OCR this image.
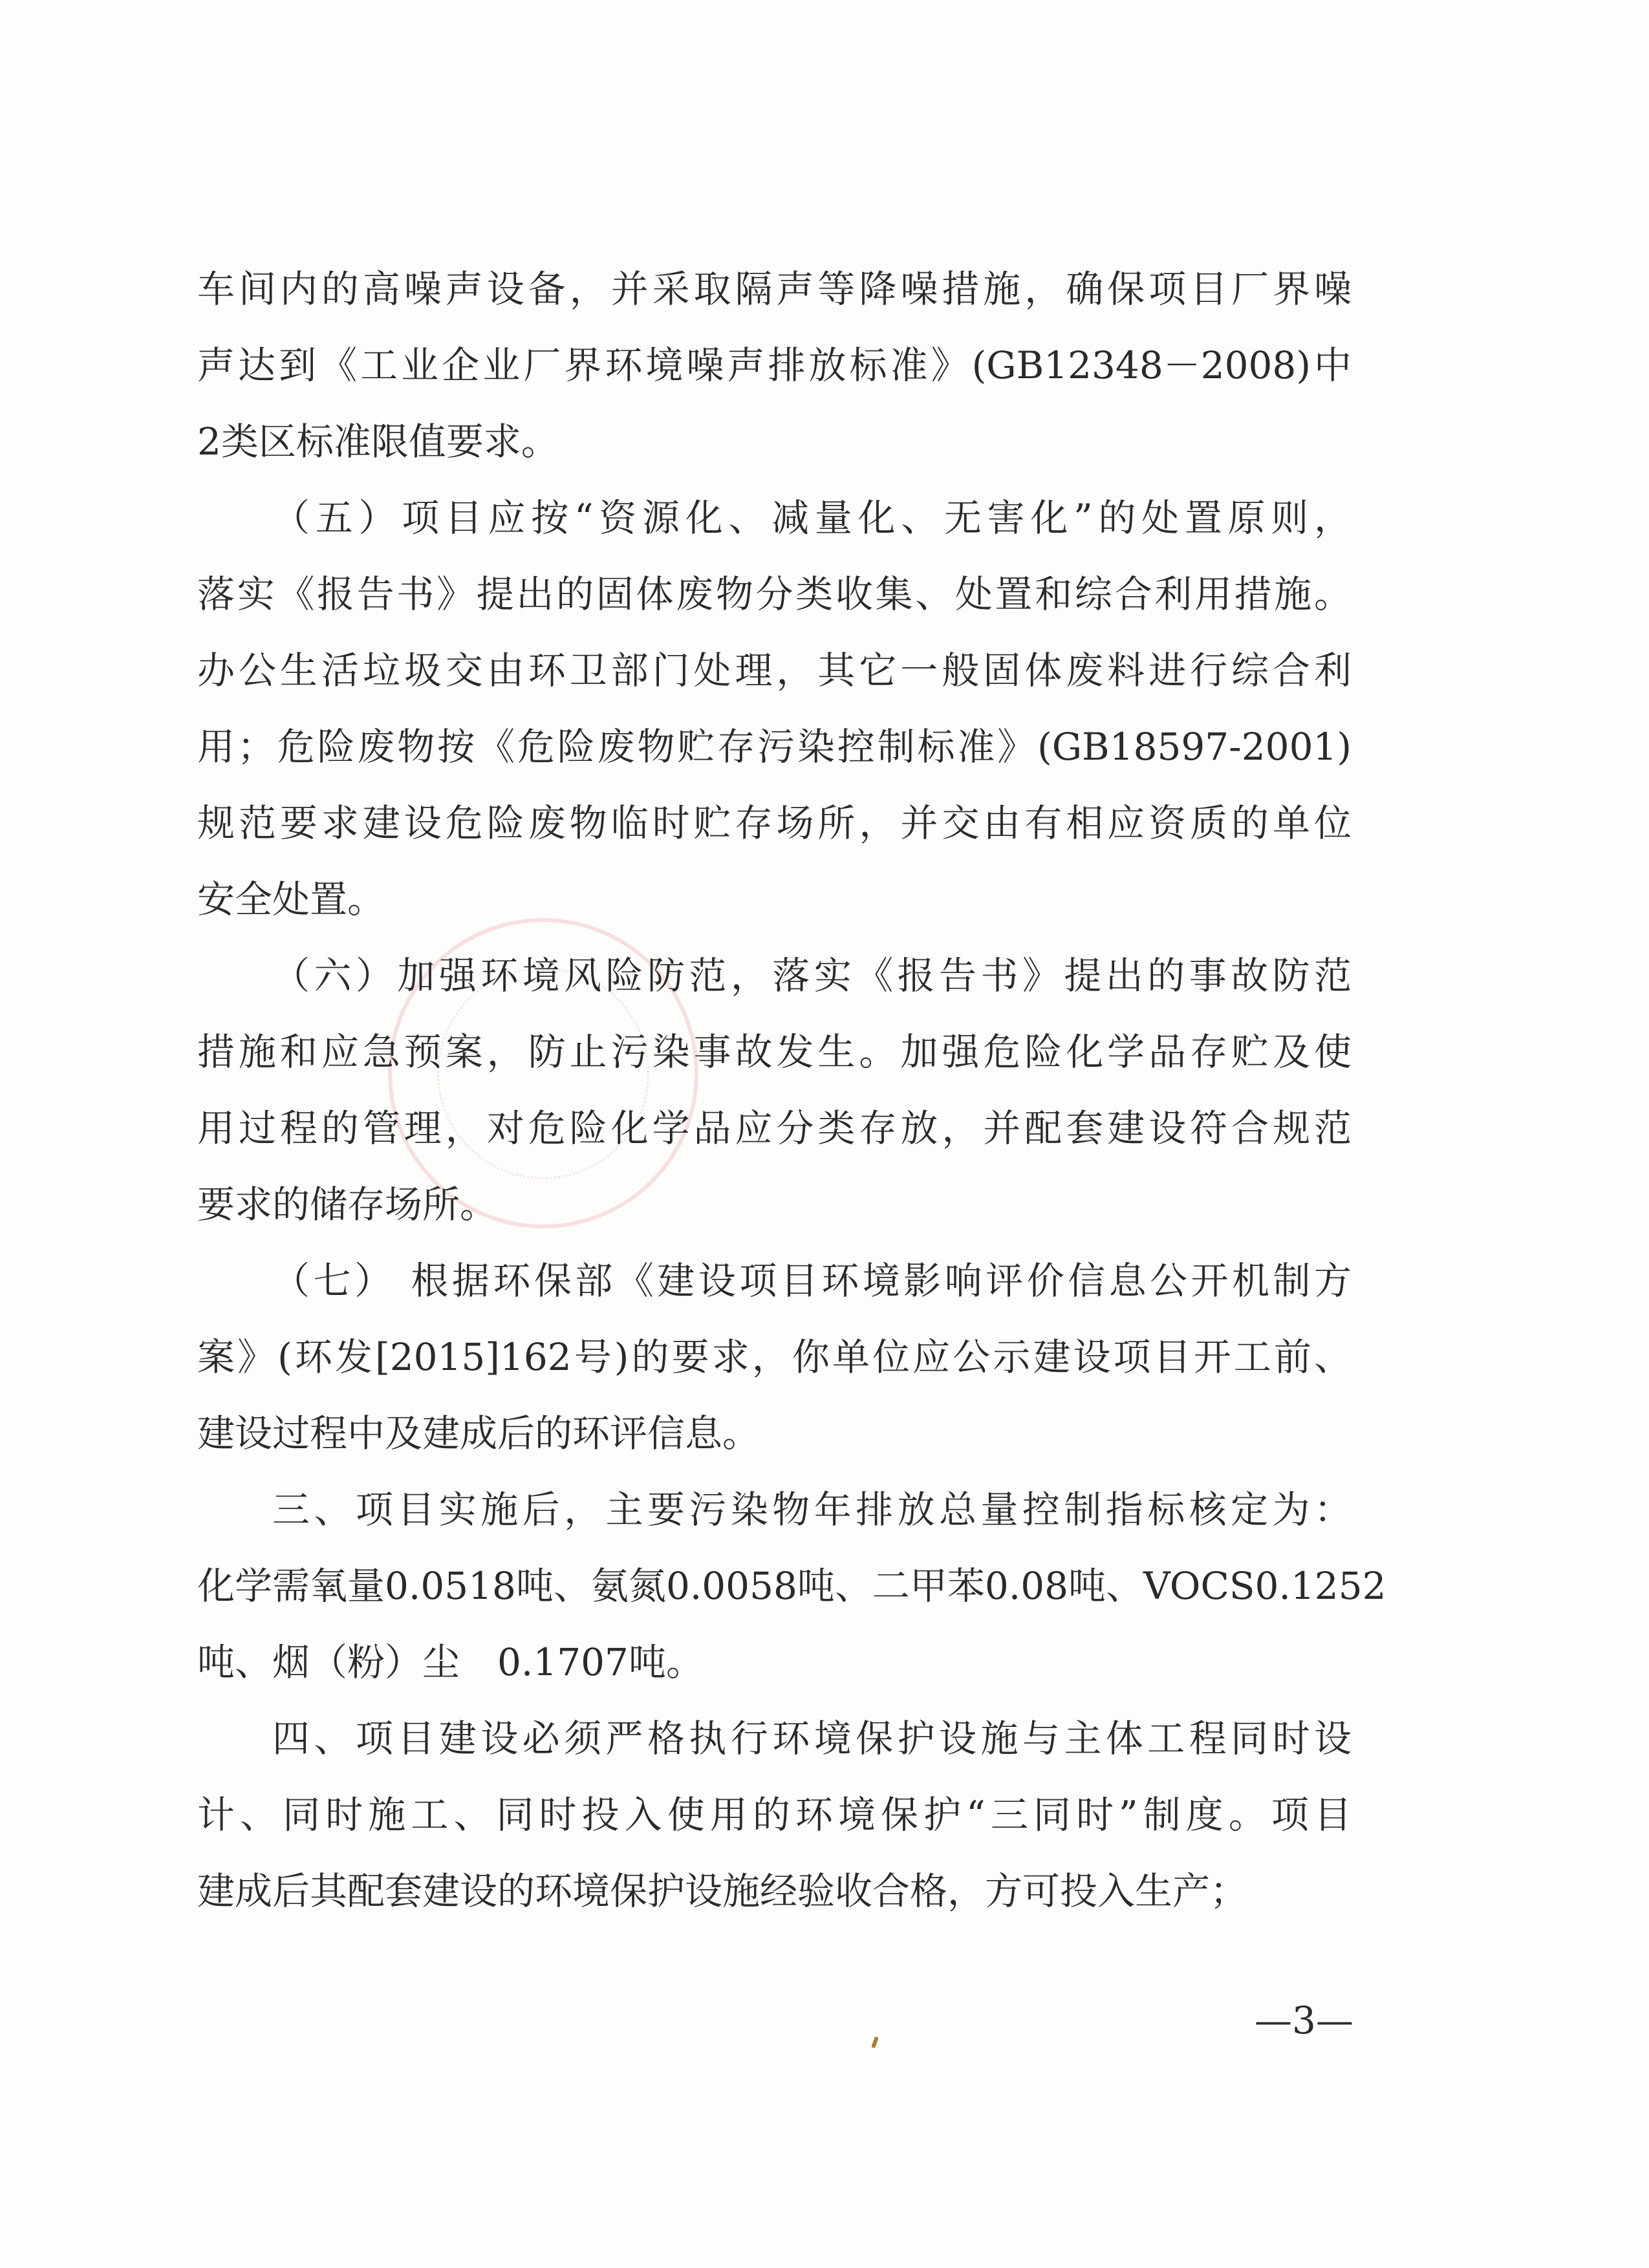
车间内的高噪声设备，并采取隔声等降噪措施，确保项目厂界噪
声达到《工业企业厂界环境噪声排放标准》(GB12348－2008)中
2类区标准限值要求。
（五）项目应按“资源化、减量化、无害化”的处置原则，
落实《报告书》提出的固体废物分类收集、处置和综合利用措施。
办公生活垃圾交由环卫部门处理，其它一般固体废料进行综合利
用；危险废物按《危险废物贮存污染控制标准》(GB18597-2001)
规范要求建设危险废物临时贮存场所，并交由有相应资质的单位
安全处置。
（六）加强环境风险防范，落实《报告书》提出的事故防范
措施和应急预案，防止污染事故发生。加强危险化学品存贮及使
用过程的管理，对危险化学品应分类存放，并配套建设符合规范
要求的储存场所。
（七） 根据环保部《建设项目环境影响评价信息公开机制方
案》(环发[2015]162号)的要求，你单位应公示建设项目开工前、
建设过程中及建成后的环评信息。
三、项目实施后，主要污染物年排放总量控制指标核定为：
化学需氧量0.0518吨、氨氮0.0058吨、二甲苯0.08吨、VOCS0.1252
吨、烟（粉）尘　0.1707吨。
四、项目建设必须严格执行环境保护设施与主体工程同时设
计、同时施工、同时投入使用的环境保护“三同时”制度。项目
建成后其配套建设的环境保护设施经验收合格，方可投入生产；
—3—
